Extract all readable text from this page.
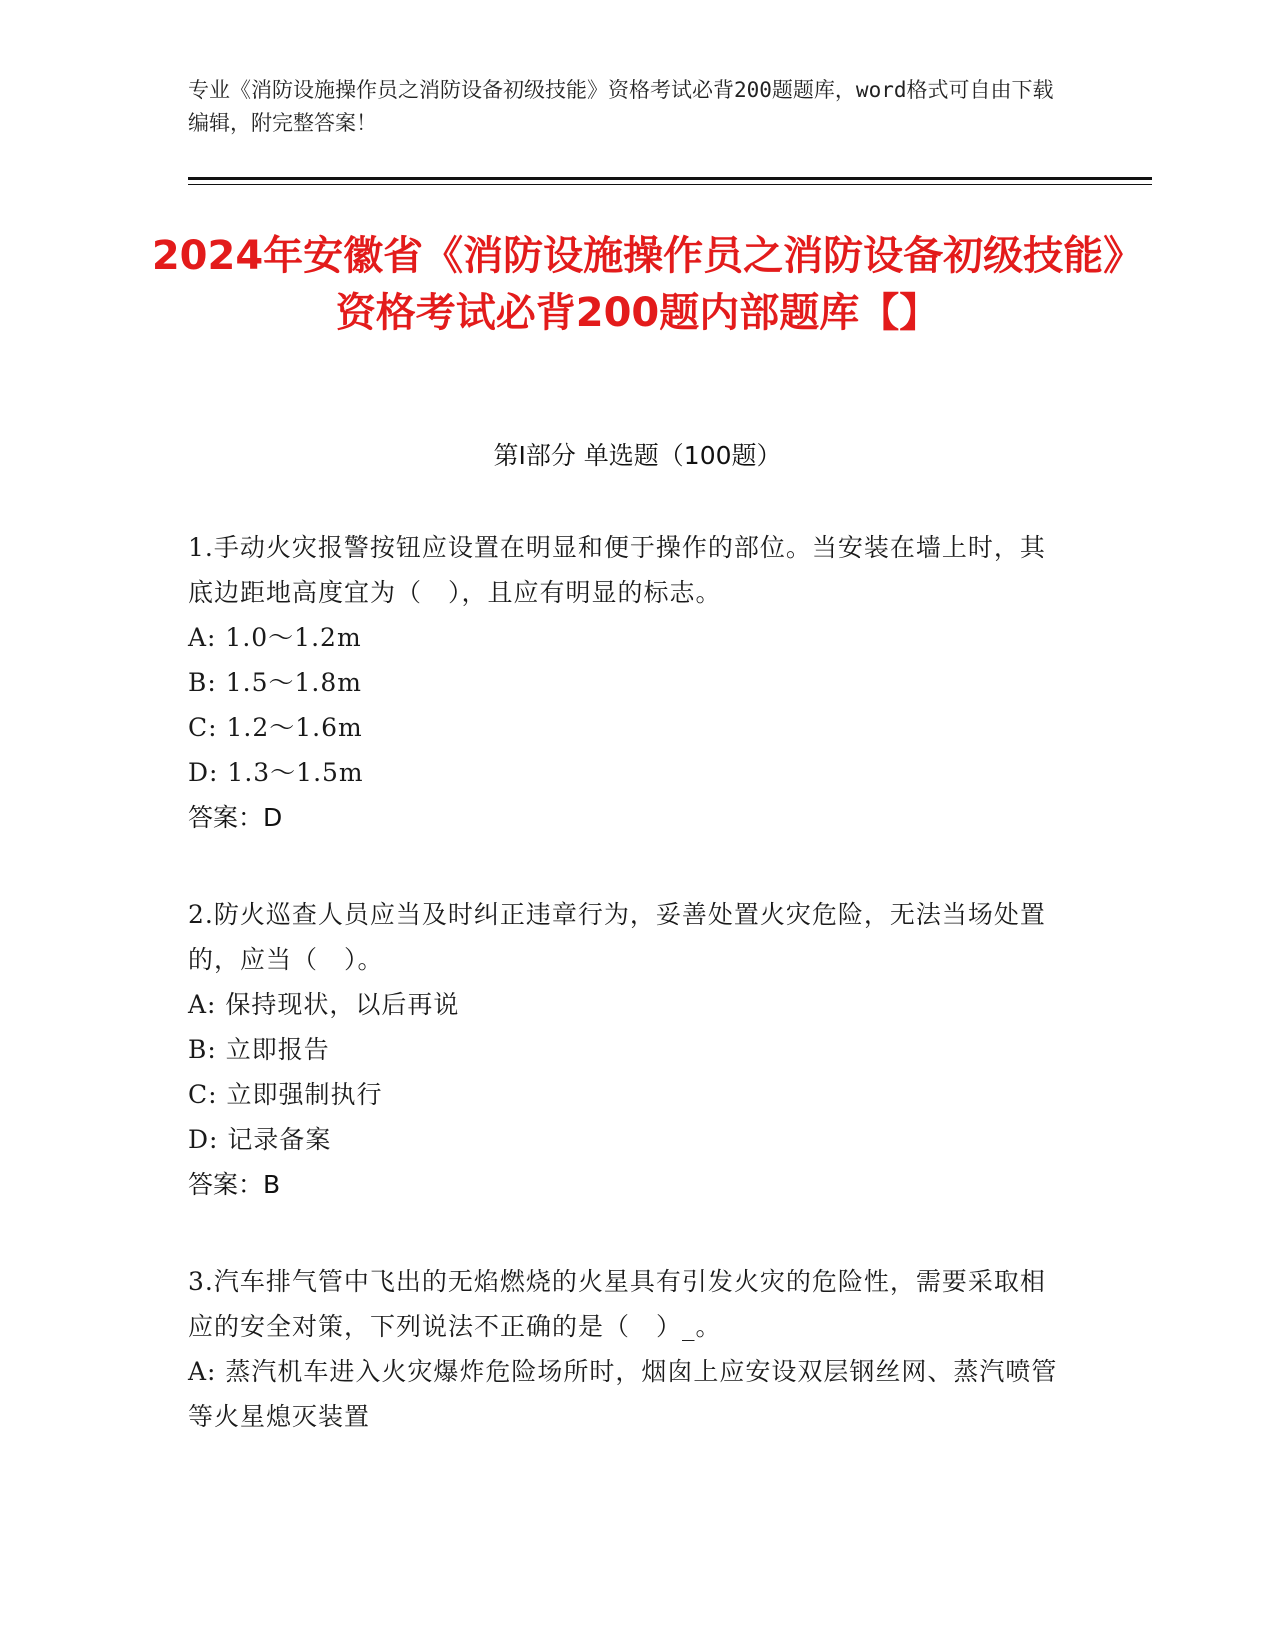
专业《消防设施操作员之消防设备初级技能》资格考试必背200题题库，word格式可自由下载编辑，附完整答案！
2024年安徽省《消防设施操作员之消防设备初级技能》资格考试必背200题内部题库【】
第I部分 单选题（100题）
1.手动火灾报警按钮应设置在明显和便于操作的部位。当安装在墙上时，其底边距地高度宜为（　），且应有明显的标志。
A: 1.0～1.2m
B: 1.5～1.8m
C: 1.2～1.6m
D: 1.3～1.5m
答案：D
2.防火巡查人员应当及时纠正违章行为，妥善处置火灾危险，无法当场处置的，应当（　）。
A: 保持现状，以后再说
B: 立即报告
C: 立即强制执行
D: 记录备案
答案：B
3.汽车排气管中飞出的无焰燃烧的火星具有引发火灾的危险性，需要采取相应的安全对策，下列说法不正确的是（　）_。
A: 蒸汽机车进入火灾爆炸危险场所时，烟囱上应安设双层钢丝网、蒸汽喷管等火星熄灭装置
